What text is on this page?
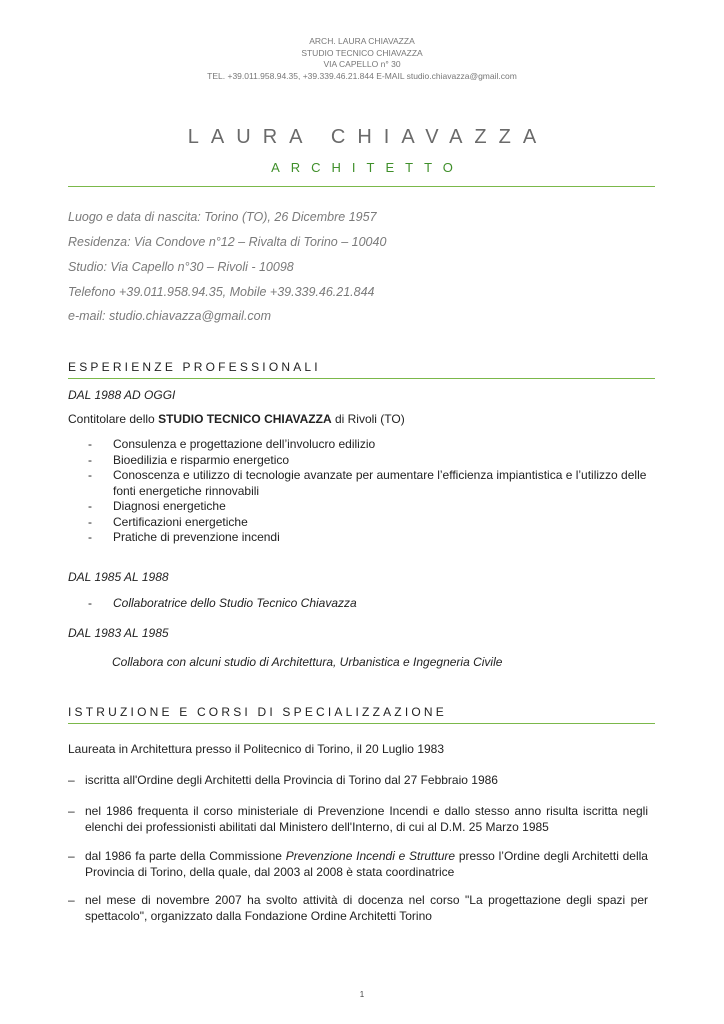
ARCH. LAURA CHIAVAZZA
STUDIO TECNICO CHIAVAZZA
VIA CAPELLO n° 30
TEL. +39.011.958.94.35, +39.339.46.21.844 E-MAIL studio.chiavazza@gmail.com
LAURA CHIAVAZZA
ARCHITETTO
Luogo e data di nascita: Torino (TO), 26 Dicembre 1957
Residenza: Via Condove n°12 – Rivalta di Torino – 10040
Studio: Via Capello n°30 – Rivoli - 10098
Telefono +39.011.958.94.35, Mobile +39.339.46.21.844
e-mail: studio.chiavazza@gmail.com
ESPERIENZE PROFESSIONALI
DAL 1988 AD OGGI
Contitolare dello STUDIO TECNICO CHIAVAZZA di Rivoli (TO)
- Consulenza e progettazione dell’involucro edilizio
- Bioedilizia e risparmio energetico
- Conoscenza e utilizzo di tecnologie avanzate per aumentare l’efficienza impiantistica e l’utilizzo delle fonti energetiche rinnovabili
- Diagnosi energetiche
- Certificazioni energetiche
- Pratiche di prevenzione incendi
DAL 1985 AL 1988
- Collaboratrice dello Studio Tecnico Chiavazza
DAL 1983 AL 1985
Collabora con alcuni studio di Architettura, Urbanistica e Ingegneria Civile
ISTRUZIONE E CORSI DI SPECIALIZZAZIONE
Laureata in Architettura presso il Politecnico di Torino, il 20 Luglio 1983
– iscritta all'Ordine degli Architetti della Provincia di Torino dal 27 Febbraio 1986
– nel 1986 frequenta il corso ministeriale di Prevenzione Incendi e dallo stesso anno risulta iscritta negli elenchi dei professionisti abilitati dal Ministero dell'Interno, di cui al D.M. 25 Marzo 1985
– dal 1986 fa parte della Commissione Prevenzione Incendi e Strutture presso l’Ordine degli Architetti della Provincia di Torino, della quale, dal 2003 al 2008 è stata coordinatrice
– nel mese di novembre 2007 ha svolto attività di docenza nel corso "La progettazione degli spazi per spettacolo", organizzato dalla Fondazione Ordine Architetti Torino
1
